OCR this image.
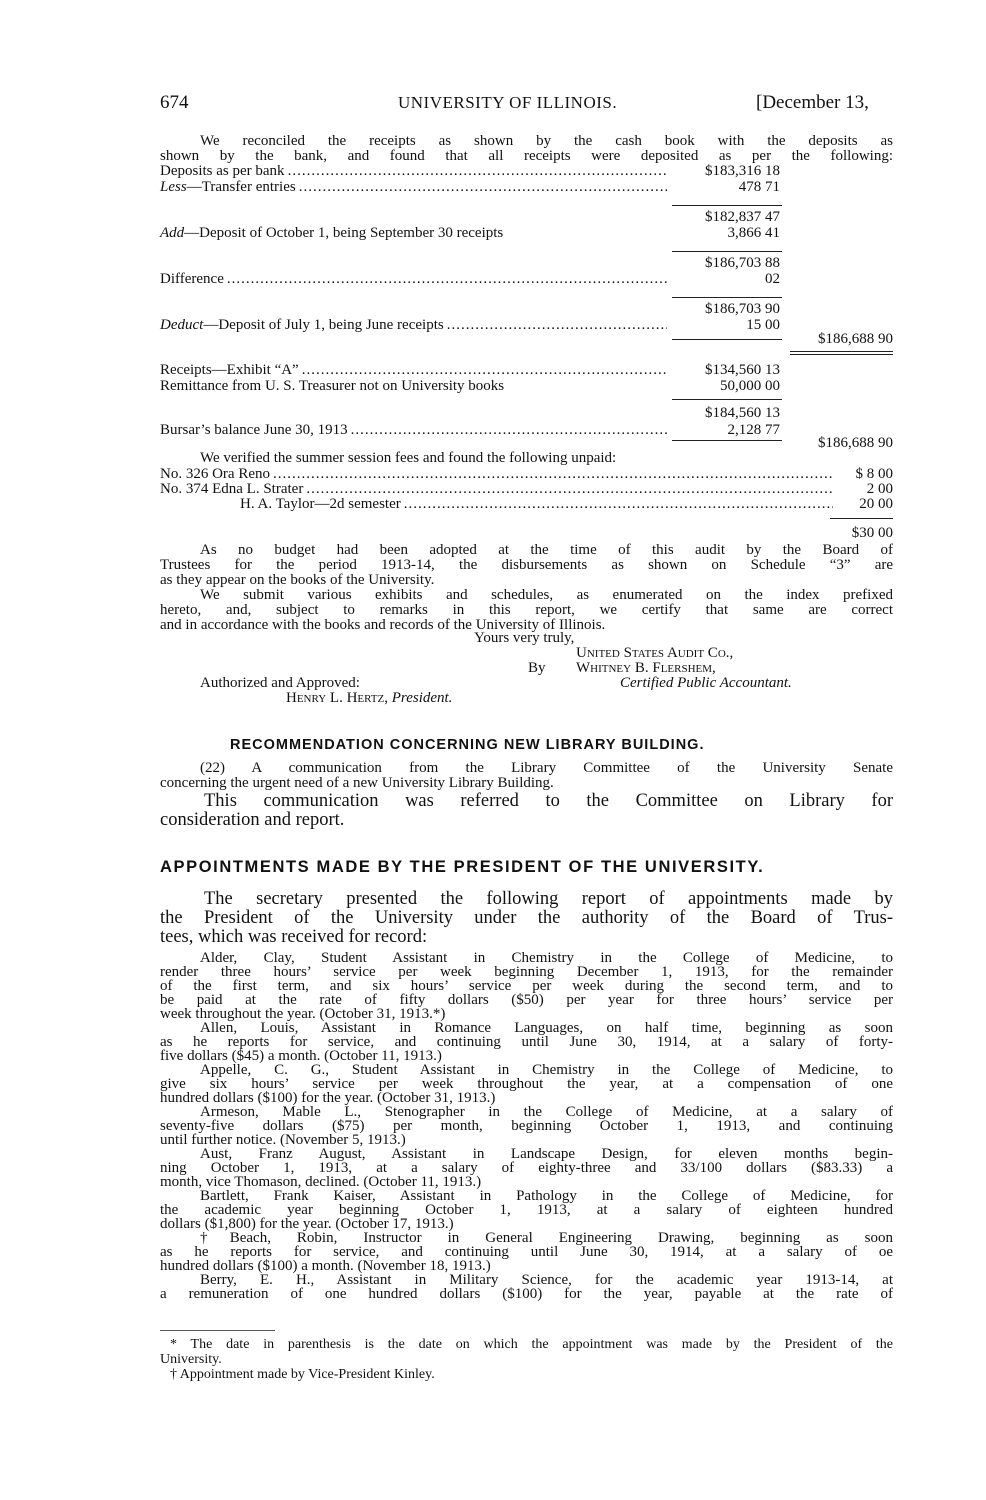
674	UNIVERSITY OF ILLINOIS.	[December 13,
We reconciled the receipts as shown by the cash book with the deposits as
shown by the bank, and found that all receipts were deposited as per the following:
Deposits as per bank .....	$183,316 18
Less—Transfer entries .....	478 71
$182,837 47
Add—Deposit of October 1, being September 30 receipts	3,866 41
$186,703 88
Difference .....	02
$186,703 90
Deduct—Deposit of July 1, being June receipts .....	15 00
$186,688 90
Receipts—Exhibit “A” .....	$134,560 13
Remittance from U. S. Treasurer not on University books	50,000 00
$184,560 13
Bursar’s balance June 30, 1913 .....	2,128 77
$186,688 90
We verified the summer session fees and found the following unpaid:
No. 326 Ora Reno .....	$ 8 00
No. 374 Edna L. Strater .....	2 00
H. A. Taylor—2d semester .....	20 00
$30 00
As no budget had been adopted at the time of this audit by the Board of
Trustees for the period 1913-14, the disbursements as shown on Schedule “3” are
as they appear on the books of the University.
We submit various exhibits and schedules, as enumerated on the index prefixed
hereto, and, subject to remarks in this report, we certify that same are correct
and in accordance with the books and records of the University of Illinois.
Yours very truly,
United States Audit Co.,
By Whitney B. Flershem,
Authorized and Approved:	Certified Public Accountant.
Henry L. Hertz, President.
RECOMMENDATION CONCERNING NEW LIBRARY BUILDING.
(22) A communication from the Library Committee of the University Senate
concerning the urgent need of a new University Library Building.
This communication was referred to the Committee on Library for
consideration and report.
APPOINTMENTS MADE BY THE PRESIDENT OF THE UNIVERSITY.
The secretary presented the following report of appointments made by
the President of the University under the authority of the Board of Trus-
tees, which was received for record:
Alder, Clay, Student Assistant in Chemistry in the College of Medicine, to
render three hours’ service per week beginning December 1, 1913, for the remainder
of the first term, and six hours’ service per week during the second term, and to
be paid at the rate of fifty dollars ($50) per year for three hours’ service per
week throughout the year. (October 31, 1913.*)
Allen, Louis, Assistant in Romance Languages, on half time, beginning as soon
as he reports for service, and continuing until June 30, 1914, at a salary of forty-
five dollars ($45) a month. (October 11, 1913.)
Appelle, C. G., Student Assistant in Chemistry in the College of Medicine, to
give six hours’ service per week throughout the year, at a compensation of one
hundred dollars ($100) for the year. (October 31, 1913.)
Armeson, Mable L., Stenographer in the College of Medicine, at a salary of
seventy-five dollars ($75) per month, beginning October 1, 1913, and continuing
until further notice. (November 5, 1913.)
Aust, Franz August, Assistant in Landscape Design, for eleven months begin-
ning October 1, 1913, at a salary of eighty-three and 33/100 dollars ($83.33) a
month, vice Thomason, declined. (October 11, 1913.)
Bartlett, Frank Kaiser, Assistant in Pathology in the College of Medicine, for
the academic year beginning October 1, 1913, at a salary of eighteen hundred
dollars ($1,800) for the year. (October 17, 1913.)
†Beach, Robin, Instructor in General Engineering Drawing, beginning as soon
as he reports for service, and continuing until June 30, 1914, at a salary of oe
hundred dollars ($100) a month. (November 18, 1913.)
Berry, E. H., Assistant in Military Science, for the academic year 1913-14, at
a remuneration of one hundred dollars ($100) for the year, payable at the rate of
* The date in parenthesis is the date on which the appointment was made by the President of the
University.
† Appointment made by Vice-President Kinley.
